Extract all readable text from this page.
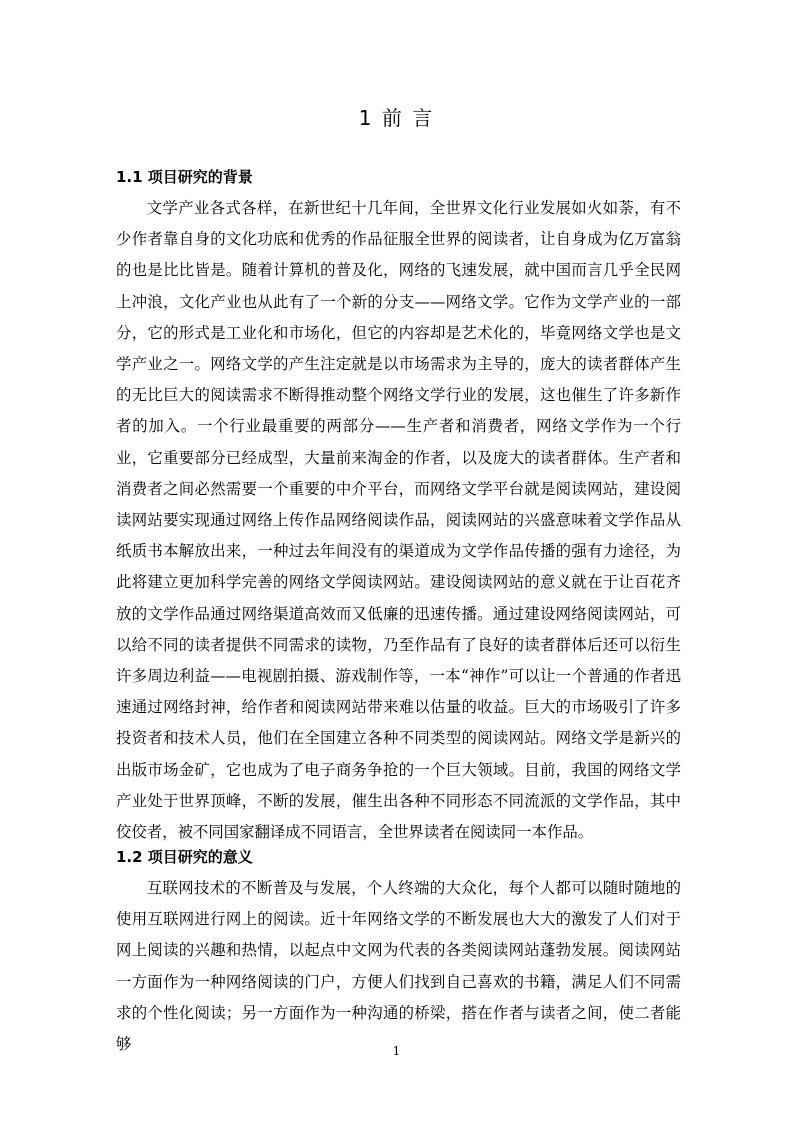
1 前 言
1.1 项目研究的背景

文学产业各式各样，在新世纪十几年间，全世界文化行业发展如火如荼，有不少作者靠自身的文化功底和优秀的作品征服全世界的阅读者，让自身成为亿万富翁的也是比比皆是。随着计算机的普及化，网络的飞速发展，就中国而言几乎全民网上冲浪，文化产业也从此有了一个新的分支——网络文学。它作为文学产业的一部分，它的形式是工业化和市场化，但它的内容却是艺术化的，毕竟网络文学也是文学产业之一。网络文学的产生注定就是以市场需求为主导的，庞大的读者群体产生的无比巨大的阅读需求不断得推动整个网络文学行业的发展，这也催生了许多新作者的加入。一个行业最重要的两部分——生产者和消费者，网络文学作为一个行业，它重要部分已经成型，大量前来淘金的作者，以及庞大的读者群体。生产者和消费者之间必然需要一个重要的中介平台，而网络文学平台就是阅读网站，建设阅读网站要实现通过网络上传作品网络阅读作品，阅读网站的兴盛意味着文学作品从纸质书本解放出来，一种过去年间没有的渠道成为文学作品传播的强有力途径，为此将建立更加科学完善的网络文学阅读网站。建设阅读网站的意义就在于让百花齐放的文学作品通过网络渠道高效而又低廉的迅速传播。通过建设网络阅读网站，可以给不同的读者提供不同需求的读物，乃至作品有了良好的读者群体后还可以衍生许多周边利益——电视剧拍摄、游戏制作等，一本“神作”可以让一个普通的作者迅速通过网络封神，给作者和阅读网站带来难以估量的收益。巨大的市场吸引了许多投资者和技术人员，他们在全国建立各种不同类型的阅读网站。网络文学是新兴的出版市场金矿，它也成为了电子商务争抢的一个巨大领域。目前，我国的网络文学产业处于世界顶峰，不断的发展，催生出各种不同形态不同流派的文学作品，其中佼佼者，被不同国家翻译成不同语言，全世界读者在阅读同一本作品。

1.2 项目研究的意义

互联网技术的不断普及与发展，个人终端的大众化，每个人都可以随时随地的使用互联网进行网上的阅读。近十年网络文学的不断发展也大大的激发了人们对于网上阅读的兴趣和热情，以起点中文网为代表的各类阅读网站蓬勃发展。阅读网站一方面作为一种网络阅读的门户，方便人们找到自己喜欢的书籍，满足人们不同需求的个性化阅读；另一方面作为一种沟通的桥梁，搭在作者与读者之间，使二者能够	1
